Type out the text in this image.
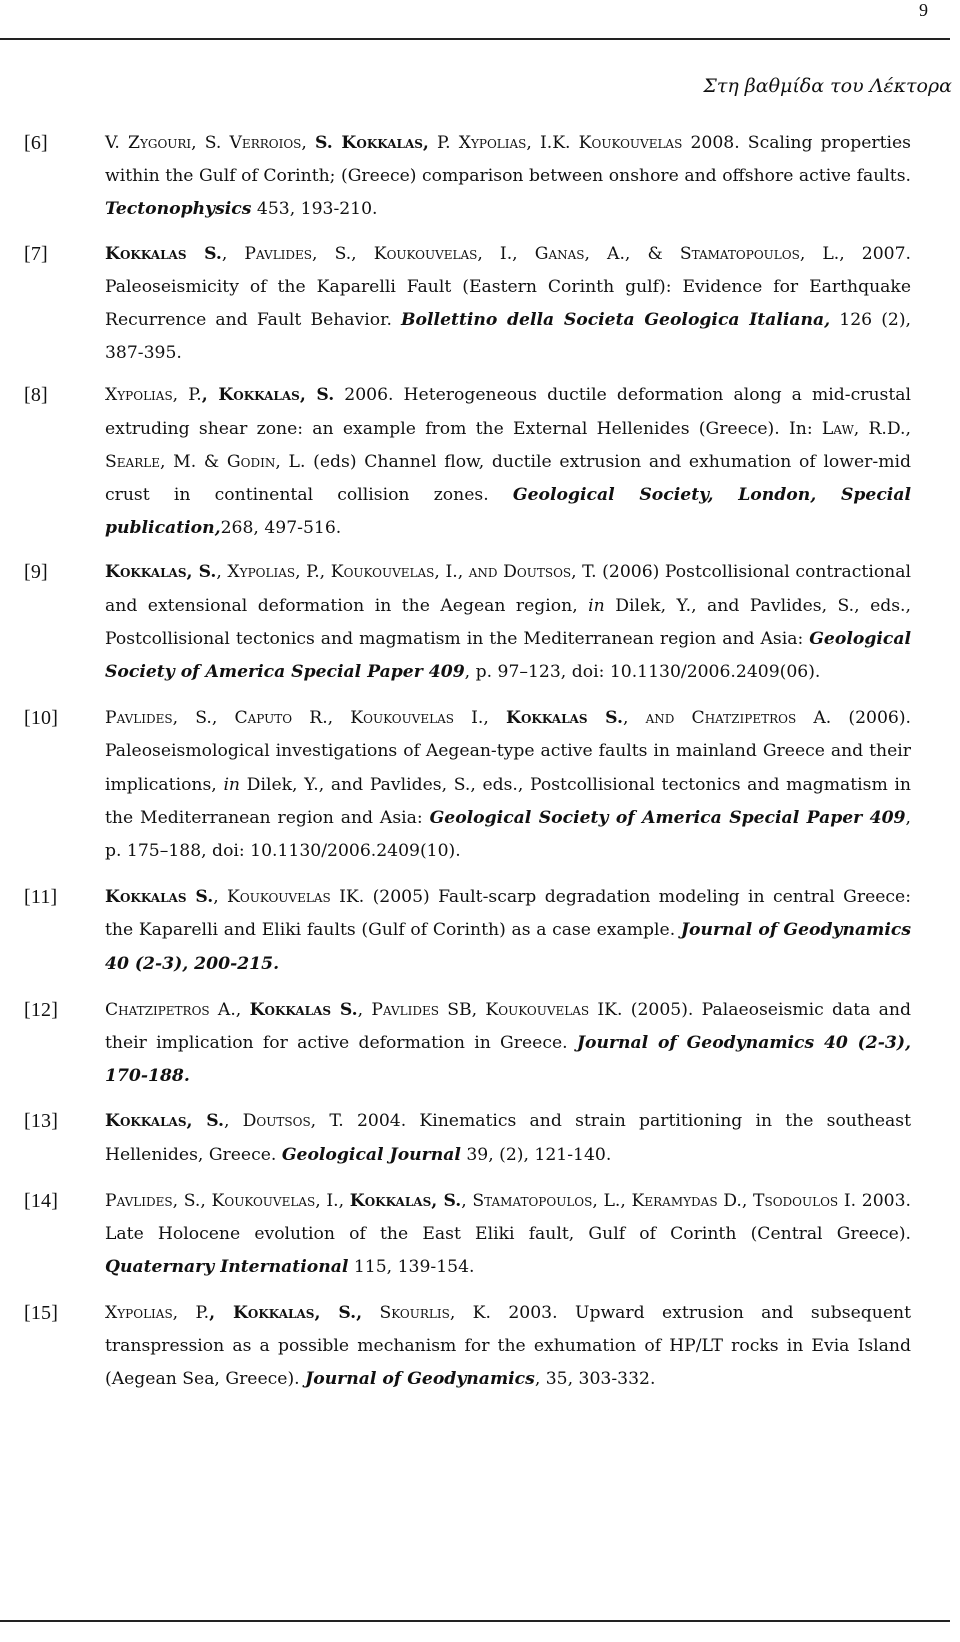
9
Στη βαθμίδα του Λέκτορα
[6]	V. Zygouri, S. Verroios, S. Kokkalas, P. Xypolias, I.K. Koukouvelas 2008. Scaling properties within the Gulf of Corinth; (Greece) comparison between onshore and offshore active faults. Tectonophysics 453, 193-210.
[7]	Kokkalas S., Pavlides, S., Koukouvelas, I., Ganas, A., & Stamatopoulos, L., 2007. Paleoseismicity of the Kaparelli Fault (Eastern Corinth gulf): Evidence for Earthquake Recurrence and Fault Behavior. Bollettino della Societa Geologica Italiana, 126 (2), 387-395.
[8]	Xypolias, P., Kokkalas, S. 2006. Heterogeneous ductile deformation along a mid-crustal extruding shear zone: an example from the External Hellenides (Greece). In: Law, R.D., Searle, M. & Godin, L. (eds) Channel flow, ductile extrusion and exhumation of lower-mid crust in continental collision zones. Geological Society, London, Special publication,268, 497-516.
[9]	Kokkalas, S., Xypolias, P., Koukouvelas, I., and Doutsos, T. (2006) Postcollisional contractional and extensional deformation in the Aegean region, in Dilek, Y., and Pavlides, S., eds., Postcollisional tectonics and magmatism in the Mediterranean region and Asia: Geological Society of America Special Paper 409, p. 97–123, doi: 10.1130/2006.2409(06).
[10]	Pavlides, S., Caputo R., Koukouvelas I., Kokkalas S., and Chatzipetros A. (2006). Paleoseismological investigations of Aegean-type active faults in mainland Greece and their implications, in Dilek, Y., and Pavlides, S., eds., Postcollisional tectonics and magmatism in the Mediterranean region and Asia: Geological Society of America Special Paper 409, p. 175–188, doi: 10.1130/2006.2409(10).
[11]	Kokkalas S., Koukouvelas IK. (2005) Fault-scarp degradation modeling in central Greece: the Kaparelli and Eliki faults (Gulf of Corinth) as a case example. Journal of Geodynamics 40 (2-3), 200-215.
[12]	Chatzipetros A., Kokkalas S., Pavlides SB, Koukouvelas IK. (2005). Palaeoseismic data and their implication for active deformation in Greece. Journal of Geodynamics 40 (2-3), 170-188.
[13]	Kokkalas, S., Doutsos, T. 2004. Kinematics and strain partitioning in the southeast Hellenides, Greece. Geological Journal 39, (2), 121-140.
[14]	Pavlides, S., Koukouvelas, I., Kokkalas, S., Stamatopoulos, L., Keramydas D., Tsodoulos I. 2003. Late Holocene evolution of the East Eliki fault, Gulf of Corinth (Central Greece). Quaternary International 115, 139-154.
[15]	Xypolias, P., Kokkalas, S., Skourlis, K. 2003. Upward extrusion and subsequent transpression as a possible mechanism for the exhumation of HP/LT rocks in Evia Island (Aegean Sea, Greece). Journal of Geodynamics, 35, 303-332.
